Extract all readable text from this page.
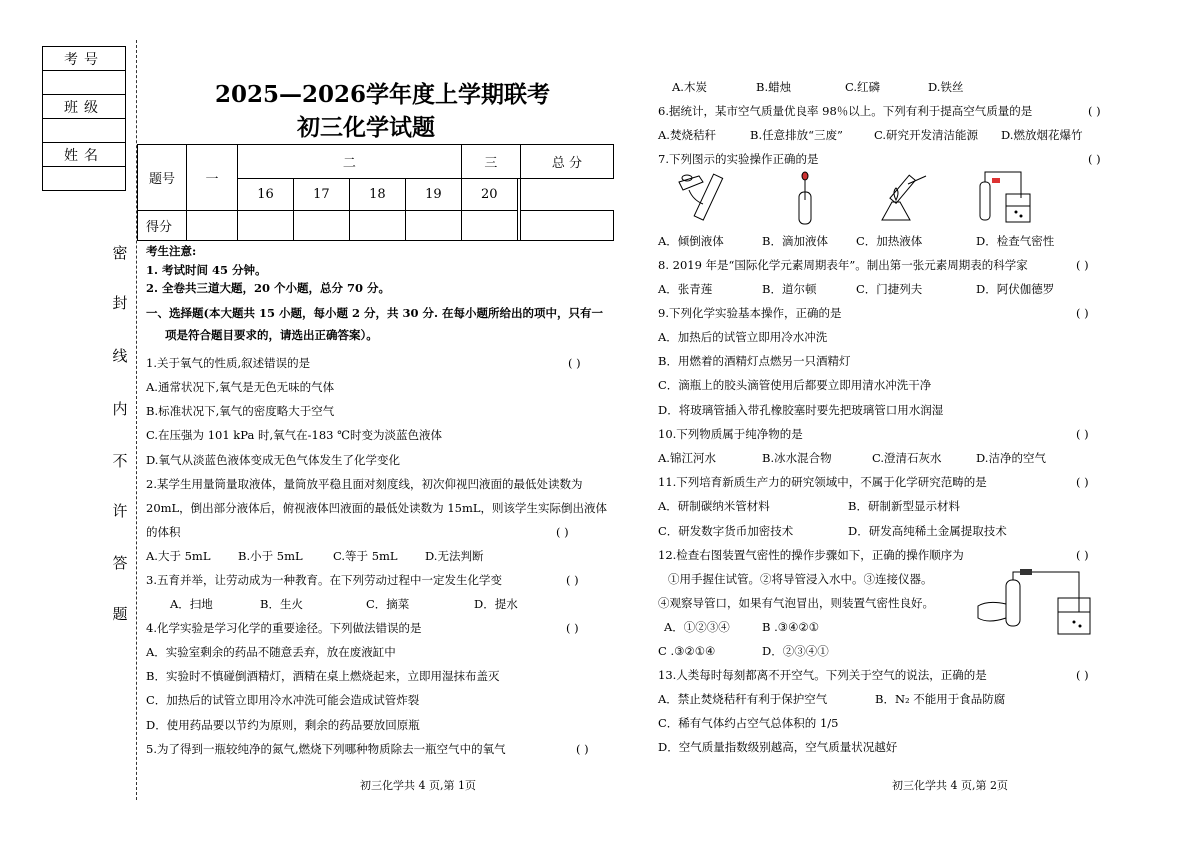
考号

班级

姓名

密
封
线
内
不
许
答
题
2025—2026学年度上学期联考
初三化学试题
题号	一	二				三		总 分
		16	17	18	19	20		
得分								
考生注意:
1. 考试时间 45 分钟。
2. 全卷共三道大题，20 个小题，总分 70 分。
一、选择题(本大题共 15 小题，每小题 2 分，共 30 分. 在每小题所给出的项中，只有一
项是符合题目要求的，请选出正确答案）。
1.关于氧气的性质,叙述错误的是	( )
A.通常状况下,氧气是无色无味的气体
B.标准状况下,氧气的密度略大于空气
C.在压强为 101 kPa 时,氧气在-183 ℃时变为淡蓝色液体
D.氧气从淡蓝色液体变成无色气体发生了化学变化
2.某学生用量筒量取液体，量筒放平稳且面对刻度线，初次仰视凹液面的最低处读数为
20mL，倒出部分液体后，俯视液体凹液面的最低处读数为 15mL，则该学生实际倒出液体
的体积	( )
A.大于 5mL B.小于 5mL	C.等于 5mL D.无法判断
3.五育并举，让劳动成为一种教育。在下列劳动过程中一定发生化学变	( )
A．扫地	B．生火	C．摘菜	D．提水
4.化学实验是学习化学的重要途径。下列做法错误的是	( )
A．实验室剩余的药品不随意丢弃，放在废液缸中
B．实验时不慎碰倒酒精灯，酒精在桌上燃烧起来，立即用湿抹布盖灭
C．加热后的试管立即用冷水冲洗可能会造成试管炸裂
D．使用药品要以节约为原则，剩余的药品要放回原瓶
5.为了得到一瓶较纯净的氮气,燃烧下列哪种物质除去一瓶空气中的氧气	( )
初三化学共 4 页,第 1页
A.木炭	B.蜡烛	C.红磷	D.铁丝
6.据统计，某市空气质量优良率 98％以上。下列有利于提高空气质量的是	( )
A.焚烧秸秆	B.任意排放“三废”	C.研究开发清洁能源 D.燃放烟花爆竹
7.下列图示的实验操作正确的是	( )
A．倾倒液体	B．滴加液体 C．加热液体	D．检查气密性
8. 2019 年是“国际化学元素周期表年”。制出第一张元素周期表的科学家	( )
A．张青莲	B．道尔顿	C．门捷列夫	D．阿伏伽德罗
9.下列化学实验基本操作，正确的是	( )
A．加热后的试管立即用冷水冲洗
B．用燃着的酒精灯点燃另一只酒精灯
C．滴瓶上的胶头滴管使用后都要立即用清水冲洗干净
D．将玻璃管插入带孔橡胶塞时要先把玻璃管口用水润湿
10.下列物质属于纯净物的是	( )
A.锦江河水	B.冰水混合物	C.澄清石灰水	D.洁净的空气
11.下列培育新质生产力的研究领域中，不属于化学研究范畴的是	( )
A．研制碳纳米管材料	B．研制新型显示材料
C．研发数字货币加密技术	D．研发高纯稀土金属提取技术
12.检查右图装置气密性的操作步骤如下，正确的操作顺序为	( )
①用手握住试管。②将导管浸入水中。③连接仪器。
④观察导管口，如果有气泡冒出，则装置气密性良好。
A．①②③④	B .③④②①
C .③②①④	D．②③④①
13.人类每时每刻都离不开空气。下列关于空气的说法，正确的是	( )
A．禁止焚烧秸秆有利于保护空气	B．N₂ 不能用于食品防腐
C．稀有气体约占空气总体积的 1/5
D．空气质量指数级别越高，空气质量状况越好
初三化学共 4 页,第 2页
